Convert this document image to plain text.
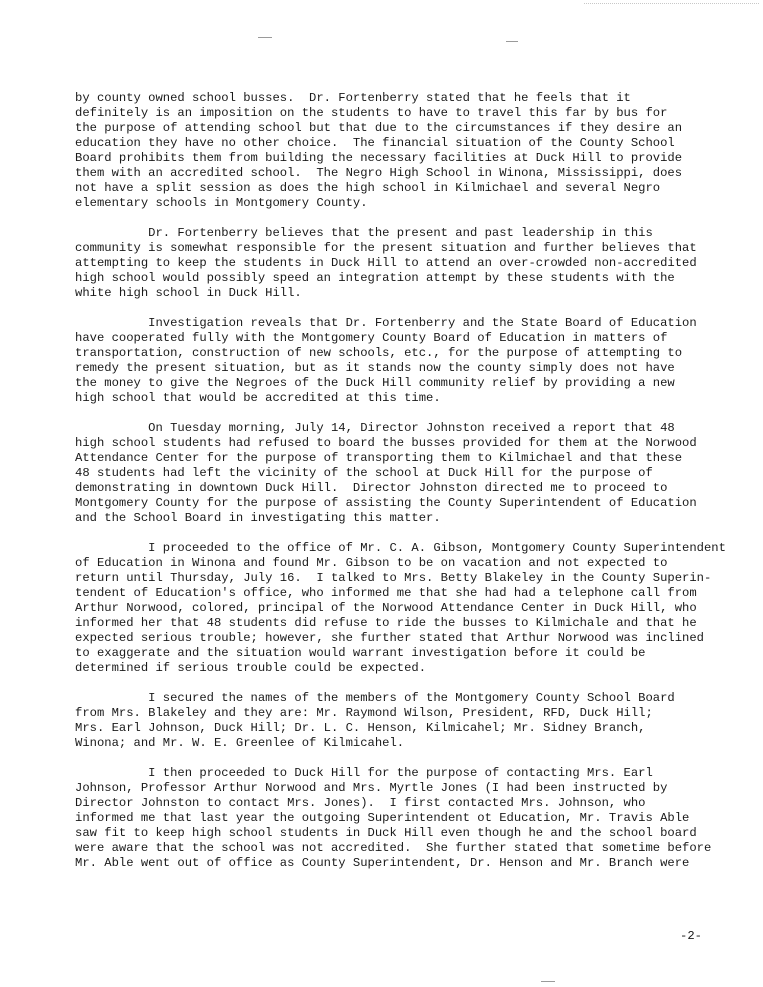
by county owned school busses.  Dr. Fortenberry stated that he feels that it
definitely is an imposition on the students to have to travel this far by bus for
the purpose of attending school but that due to the circumstances if they desire an
education they have no other choice.  The financial situation of the County School
Board prohibits them from building the necessary facilities at Duck Hill to provide
them with an accredited school.  The Negro High School in Winona, Mississippi, does
not have a split session as does the high school in Kilmichael and several Negro
elementary schools in Montgomery County.
Dr. Fortenberry believes that the present and past leadership in this
community is somewhat responsible for the present situation and further believes that
attempting to keep the students in Duck Hill to attend an over-crowded non-accredited
high school would possibly speed an integration attempt by these students with the
white high school in Duck Hill.
Investigation reveals that Dr. Fortenberry and the State Board of Education
have cooperated fully with the Montgomery County Board of Education in matters of
transportation, construction of new schools, etc., for the purpose of attempting to
remedy the present situation, but as it stands now the county simply does not have
the money to give the Negroes of the Duck Hill community relief by providing a new
high school that would be accredited at this time.
On Tuesday morning, July 14, Director Johnston received a report that 48
high school students had refused to board the busses provided for them at the Norwood
Attendance Center for the purpose of transporting them to Kilmichael and that these
48 students had left the vicinity of the school at Duck Hill for the purpose of
demonstrating in downtown Duck Hill.  Director Johnston directed me to proceed to
Montgomery County for the purpose of assisting the County Superintendent of Education
and the School Board in investigating this matter.
I proceeded to the office of Mr. C. A. Gibson, Montgomery County Superintendent
of Education in Winona and found Mr. Gibson to be on vacation and not expected to
return until Thursday, July 16.  I talked to Mrs. Betty Blakeley in the County Superin-
tendent of Education's office, who informed me that she had had a telephone call from
Arthur Norwood, colored, principal of the Norwood Attendance Center in Duck Hill, who
informed her that 48 students did refuse to ride the busses to Kilmichale and that he
expected serious trouble; however, she further stated that Arthur Norwood was inclined
to exaggerate and the situation would warrant investigation before it could be
determined if serious trouble could be expected.
I secured the names of the members of the Montgomery County School Board
from Mrs. Blakeley and they are: Mr. Raymond Wilson, President, RFD, Duck Hill;
Mrs. Earl Johnson, Duck Hill; Dr. L. C. Henson, Kilmicahel; Mr. Sidney Branch,
Winona; and Mr. W. E. Greenlee of Kilmicahel.
I then proceeded to Duck Hill for the purpose of contacting Mrs. Earl
Johnson, Professor Arthur Norwood and Mrs. Myrtle Jones (I had been instructed by
Director Johnston to contact Mrs. Jones).  I first contacted Mrs. Johnson, who
informed me that last year the outgoing Superintendent ot Education, Mr. Travis Able
saw fit to keep high school students in Duck Hill even though he and the school board
were aware that the school was not accredited.  She further stated that sometime before
Mr. Able went out of office as County Superintendent, Dr. Henson and Mr. Branch were
-2-
